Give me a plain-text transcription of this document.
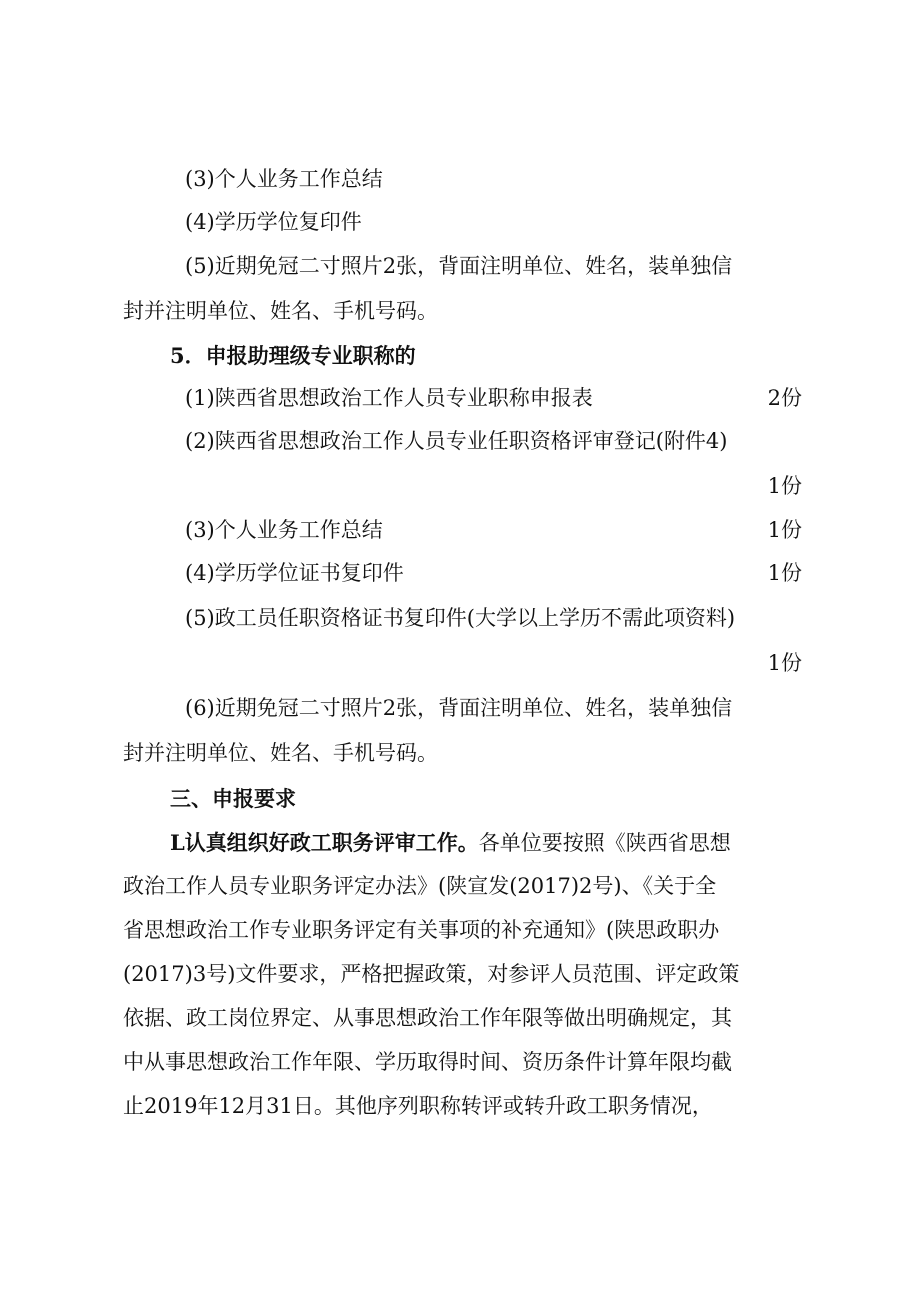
(3)个人业务工作总结
(4)学历学位复印件
(5)近期免冠二寸照片2张，背面注明单位、姓名，装单独信
封并注明单位、姓名、手机号码。
5．申报助理级专业职称的
(1)陕西省思想政治工作人员专业职称申报表	2份
(2)陕西省思想政治工作人员专业任职资格评审登记(附件4)
1份
(3)个人业务工作总结	1份
(4)学历学位证书复印件	1份
(5)政工员任职资格证书复印件(大学以上学历不需此项资料)
1份
(6)近期免冠二寸照片2张，背面注明单位、姓名，装单独信
封并注明单位、姓名、手机号码。
三、申报要求
L认真组织好政工职务评审工作。各单位要按照《陕西省思想
政治工作人员专业职务评定办法》(陕宣发(2017)2号)、《关于全
省思想政治工作专业职务评定有关事项的补充通知》(陕思政职办
(2017)3号)文件要求，严格把握政策，对参评人员范围、评定政策
依据、政工岗位界定、从事思想政治工作年限等做出明确规定，其
中从事思想政治工作年限、学历取得时间、资历条件计算年限均截
止2019年12月31日。其他序列职称转评或转升政工职务情况，
